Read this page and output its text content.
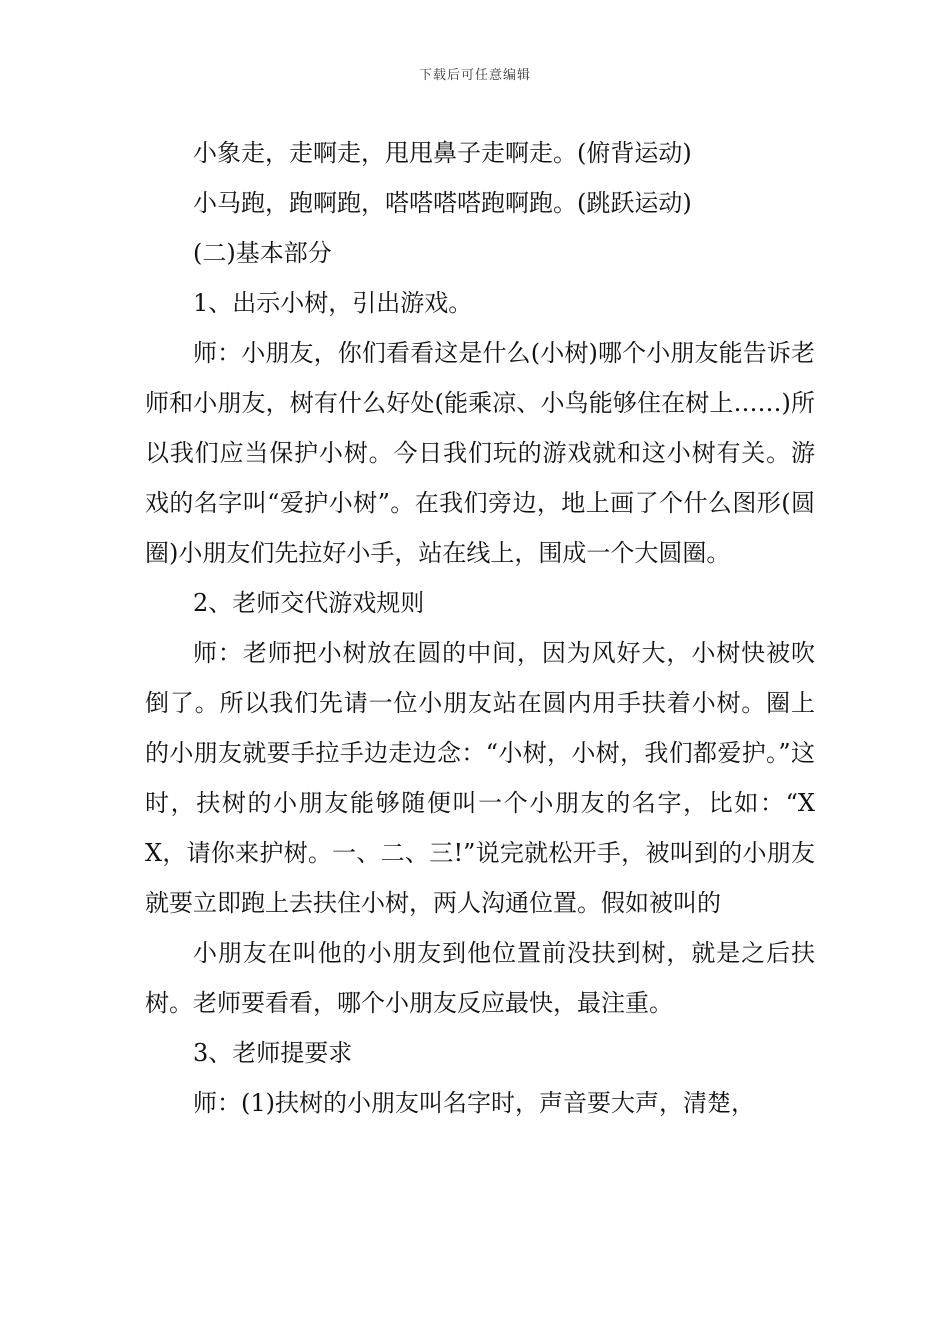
下载后可任意编辑

小象走，走啊走，甩甩鼻子走啊走。(俯背运动)

小马跑，跑啊跑，嗒嗒嗒嗒跑啊跑。(跳跃运动)

(二)基本部分

1、出示小树，引出游戏。

师：小朋友，你们看看这是什么(小树)哪个小朋友能告诉老师和小朋友，树有什么好处(能乘凉、小鸟能够住在树上……)所以我们应当保护小树。今日我们玩的游戏就和这小树有关。游戏的名字叫“爱护小树”。在我们旁边，地上画了个什么图形(圆圈)小朋友们先拉好小手，站在线上，围成一个大圆圈。

2、老师交代游戏规则

师：老师把小树放在圆的中间，因为风好大，小树快被吹倒了。所以我们先请一位小朋友站在圆内用手扶着小树。圈上的小朋友就要手拉手边走边念：“小树，小树，我们都爱护。”这时，扶树的小朋友能够随便叫一个小朋友的名字，比如：“XX，请你来护树。一、二、三!”说完就松开手，被叫到的小朋友就要立即跑上去扶住小树，两人沟通位置。假如被叫的

小朋友在叫他的小朋友到他位置前没扶到树，就是之后扶树。老师要看看，哪个小朋友反应最快，最注重。

3、老师提要求

师：(1)扶树的小朋友叫名字时，声音要大声，清楚，
